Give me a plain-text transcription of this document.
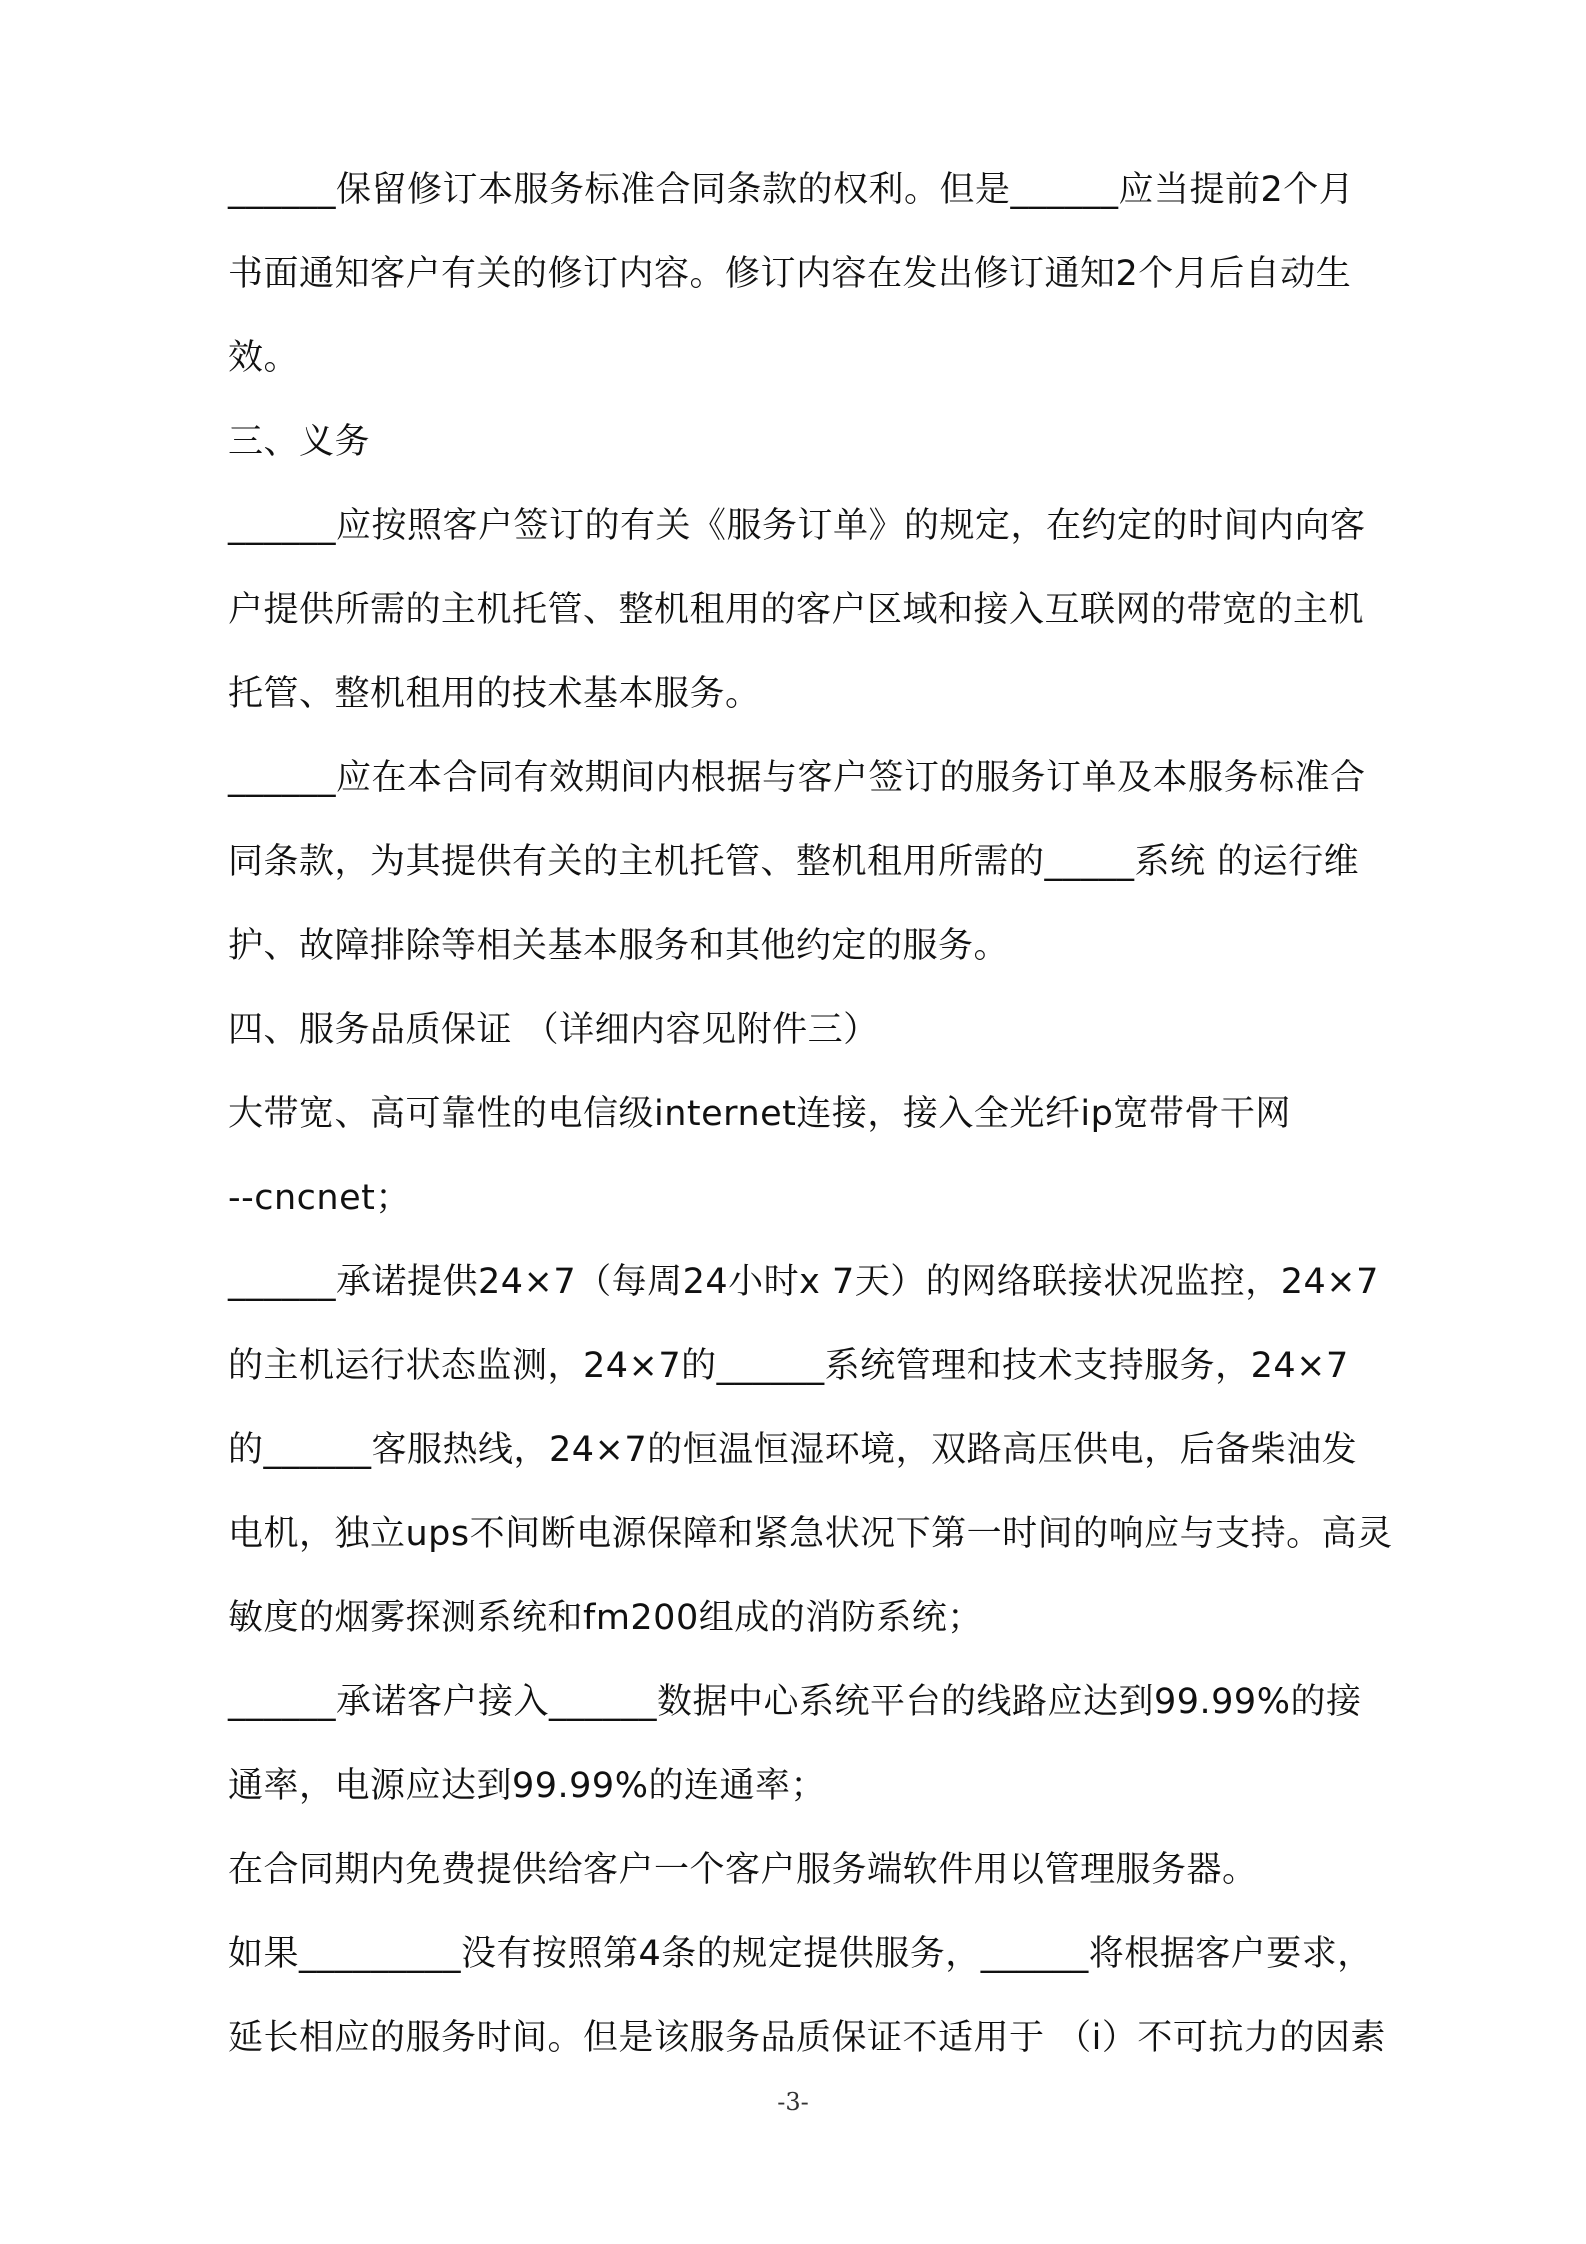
______保留修订本服务标准合同条款的权利。但是______应当提前2个月
书面通知客户有关的修订内容。修订内容在发出修订通知2个月后自动生
效。
三、义务
______应按照客户签订的有关《服务订单》的规定，在约定的时间内向客
户提供所需的主机托管、整机租用的客户区域和接入互联网的带宽的主机
托管、整机租用的技术基本服务。
______应在本合同有效期间内根据与客户签订的服务订单及本服务标准合
同条款，为其提供有关的主机托管、整机租用所需的_____系统 的运行维
护、故障排除等相关基本服务和其他约定的服务。
四、服务品质保证 （详细内容见附件三）
大带宽、高可靠性的电信级internet连接，接入全光纤ip宽带骨干网
--cncnet；
______承诺提供24×7（每周24小时x 7天）的网络联接状况监控，24×7
的主机运行状态监测，24×7的______系统管理和技术支持服务，24×7
的______客服热线，24×7的恒温恒湿环境，双路高压供电，后备柴油发
电机，独立ups不间断电源保障和紧急状况下第一时间的响应与支持。高灵
敏度的烟雾探测系统和fm200组成的消防系统；
______承诺客户接入______数据中心系统平台的线路应达到99.99%的接
通率，电源应达到99.99%的连通率；
在合同期内免费提供给客户一个客户服务端软件用以管理服务器。
如果_________没有按照第4条的规定提供服务，______将根据客户要求，
延长相应的服务时间。但是该服务品质保证不适用于 （i）不可抗力的因素
-3-
